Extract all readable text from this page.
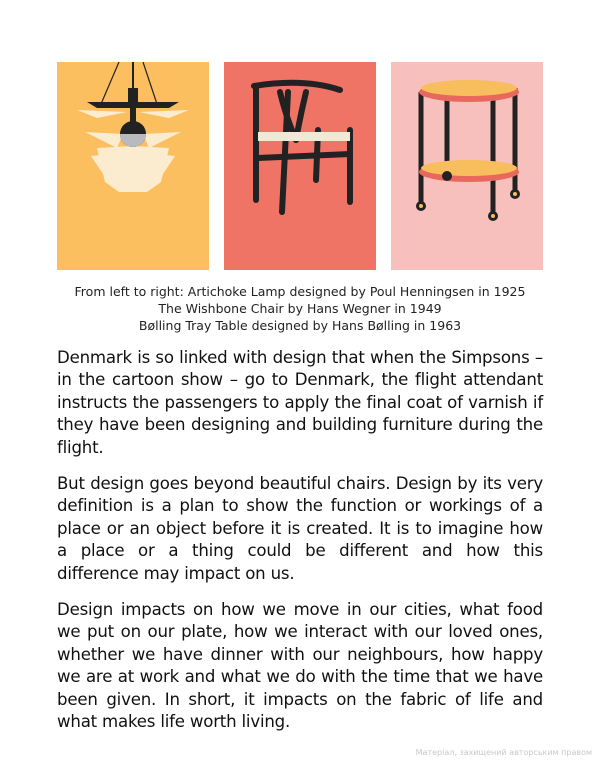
From left to right: Artichoke Lamp designed by Poul Henningsen in 1925
The Wishbone Chair by Hans Wegner in 1949
Bølling Tray Table designed by Hans Bølling in 1963

Denmark is so linked with design that when the Simpsons – in the cartoon show – go to Denmark, the flight attendant instructs the passengers to apply the final coat of varnish if they have been designing and building furniture during the flight.

But design goes beyond beautiful chairs. Design by its very definition is a plan to show the function or workings of a place or an object before it is created. It is to imagine how a place or a thing could be different and how this difference may impact on us.

Design impacts on how we move in our cities, what food we put on our plate, how we interact with our loved ones, whether we have dinner with our neighbours, how happy we are at work and what we do with the time that we have been given. In short, it impacts on the fabric of life and what makes life worth living.

Матеріал, захищений авторським правом
